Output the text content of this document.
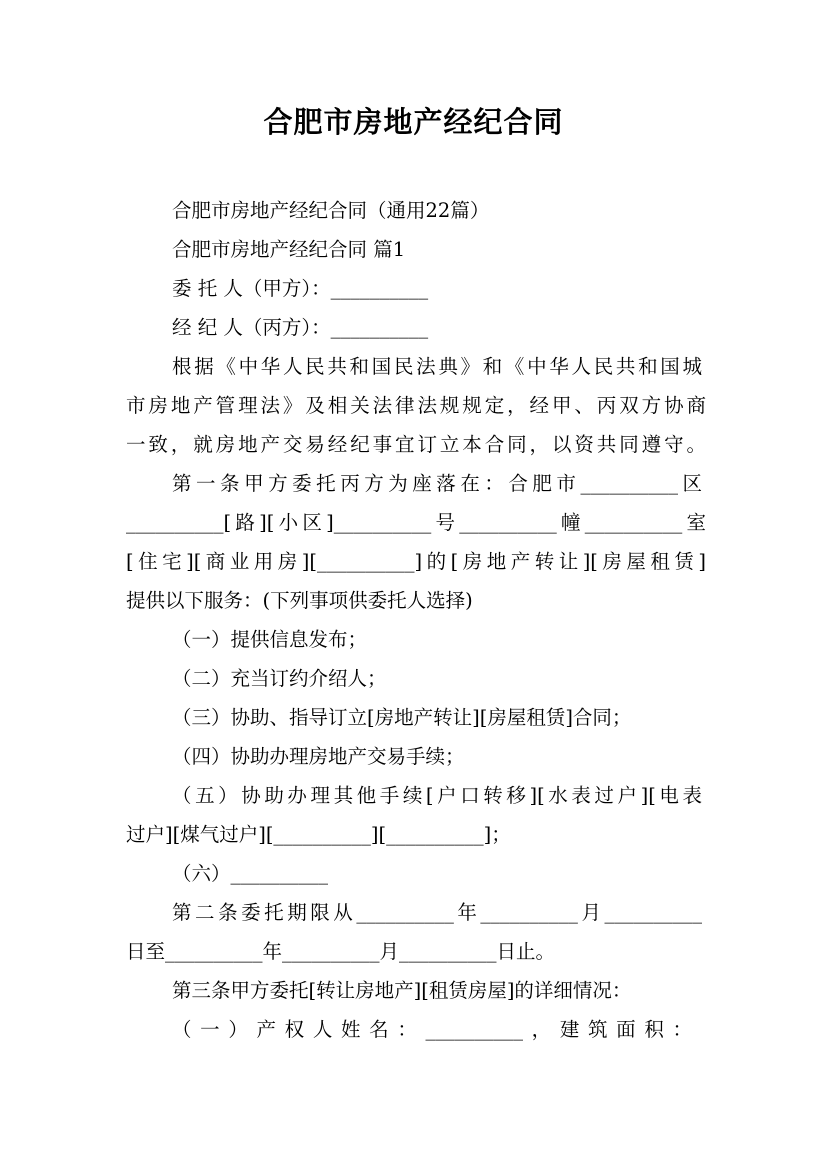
合肥市房地产经纪合同
合肥市房地产经纪合同（通用22篇）
合肥市房地产经纪合同 篇1
委 托 人（甲方）：__________
经 纪 人（丙方）：__________
根据《中华人民共和国民法典》和《中华人民共和国城
市房地产管理法》及相关法律法规规定，经甲、丙双方协商
一致，就房地产交易经纪事宜订立本合同，以资共同遵守。
第一条甲方委托丙方为座落在：合肥市__________区
__________[路][小区]__________号__________幢__________室
[住宅][商业用房][__________]的[房地产转让][房屋租赁]
提供以下服务：(下列事项供委托人选择)
（一）提供信息发布；
（二）充当订约介绍人；
（三）协助、指导订立[房地产转让][房屋租赁]合同；
（四）协助办理房地产交易手续；
（五）协助办理其他手续[户口转移][水表过户][电表
过户][煤气过户][__________][__________]；
（六）__________
第二条委托期限从__________年__________月__________
日至__________年__________月__________日止。
第三条甲方委托[转让房地产][租赁房屋]的详细情况：
（一）产权人姓名：__________，建筑面积：
